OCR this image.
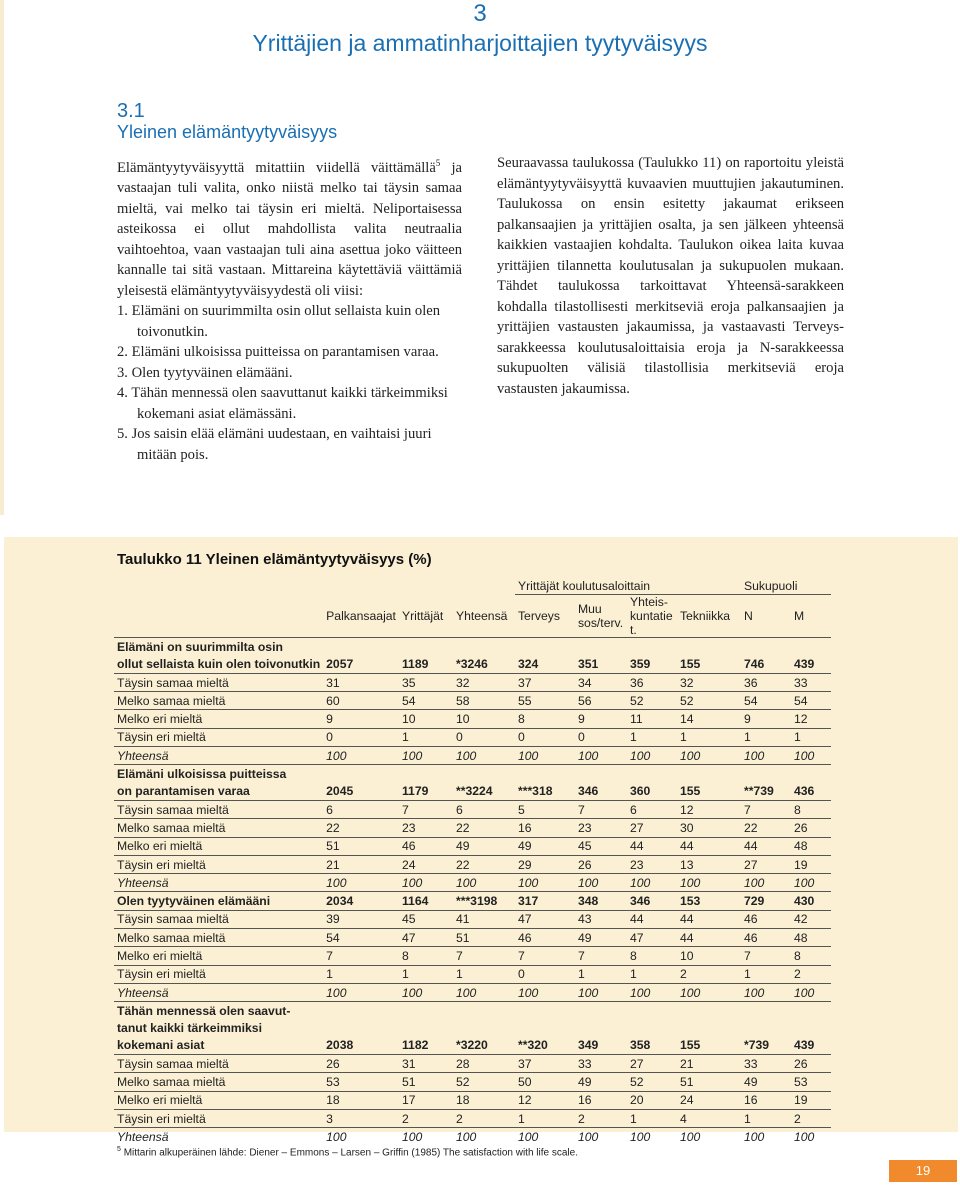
3
Yrittäjien ja ammatinharjoittajien tyytyväisyys
3.1
Yleinen elämäntyytyväisyys

Elämäntyytyväisyyttä mitattiin viidellä väittämällä$^5$ ja vastaajan tuli valita, onko niistä melko tai täysin samaa mieltä, vai melko tai täysin eri mieltä. Neliportaisessa asteikossa ei ollut mahdollista valita neutraalia vaihtoehtoa, vaan vastaajan tuli aina asettua joko väitteen kannalle tai sitä vastaan. Mittareina käytettäviä väittämiä yleisestä elämäntyytyväisyydestä oli viisi:

1. Elämäni on suurimmilta osin ollut sellaista kuin olen toivonutkin.
2. Elämäni ulkoisissa puitteissa on parantamisen varaa.
3. Olen tyytyväinen elämääni.
4. Tähän mennessä olen saavuttanut kaikki tärkeimmiksi kokemani asiat elämässäni.
5. Jos saisin elää elämäni uudestaan, en vaihtaisi juuri mitään pois.

Seuraavassa taulukossa (Taulukko 11) on raportoitu yleistä elämäntyytyväisyyttä kuvaavien muuttujien jakautuminen. Taulukossa on ensin esitetty jakaumat erikseen palkansaajien ja yrittäjien osalta, ja sen jälkeen yhteensä kaikkien vastaajien kohdalta. Taulukon oikea laita kuvaa yrittäjien tilannetta koulutusalan ja sukupuolen mukaan. Tähdet taulukossa tarkoittavat Yhteensä-sarakkeen kohdalla tilastollisesti merkitseviä eroja palkansaajien ja yrittäjien vastausten jakaumissa, ja vastaavasti Terveys-sarakkeessa koulutusaloittaisia eroja ja N-sarakkeessa sukupuolten välisiä tilastollisia merkitseviä eroja vastausten jakaumissa.

Taulukko 11 Yleinen elämäntyytyväisyys (%)
				Yrittäjät koulutusaloittain				Sukupuoli	
	Palkansaajat	Yrittäjät	Yhteensä	Terveys	Muu sos/terv.	Yhteis-kuntatiet.	Tekniikka	N	M
Elämäni on suurimmilta osin									
ollut sellaista kuin olen toivonutkin	2057	1189	*3246	324	351	359	155	746	439
Täysin samaa mieltä	31	35	32	37	34	36	32	36	33
Melko samaa mieltä	60	54	58	55	56	52	52	54	54
Melko eri mieltä	9	10	10	8	9	11	14	9	12
Täysin eri mieltä	0	1	0	0	0	1	1	1	1
Yhteensä	100	100	100	100	100	100	100	100	100
Elämäni ulkoisissa puitteissa									
on parantamisen varaa	2045	1179	**3224	***318	346	360	155	**739	436
Täysin samaa mieltä	6	7	6	5	7	6	12	7	8
Melko samaa mieltä	22	23	22	16	23	27	30	22	26
Melko eri mieltä	51	46	49	49	45	44	44	44	48
Täysin eri mieltä	21	24	22	29	26	23	13	27	19
Yhteensä	100	100	100	100	100	100	100	100	100
Olen tyytyväinen elämääni	2034	1164	***3198	317	348	346	153	729	430
Täysin samaa mieltä	39	45	41	47	43	44	44	46	42
Melko samaa mieltä	54	47	51	46	49	47	44	46	48
Melko eri mieltä	7	8	7	7	7	8	10	7	8
Täysin eri mieltä	1	1	1	0	1	1	2	1	2
Yhteensä	100	100	100	100	100	100	100	100	100
Tähän mennessä olen saavut-									
tanut kaikki tärkeimmiksi									
kokemani asiat	2038	1182	*3220	**320	349	358	155	*739	439
Täysin samaa mieltä	26	31	28	37	33	27	21	33	26
Melko samaa mieltä	53	51	52	50	49	52	51	49	53
Melko eri mieltä	18	17	18	12	16	20	24	16	19
Täysin eri mieltä	3	2	2	1	2	1	4	1	2
Yhteensä	100	100	100	100	100	100	100	100	100
$^5$ Mittarin alkuperäinen lähde: Diener – Emmons – Larsen – Griffin (1985) The satisfaction with life scale.
19
